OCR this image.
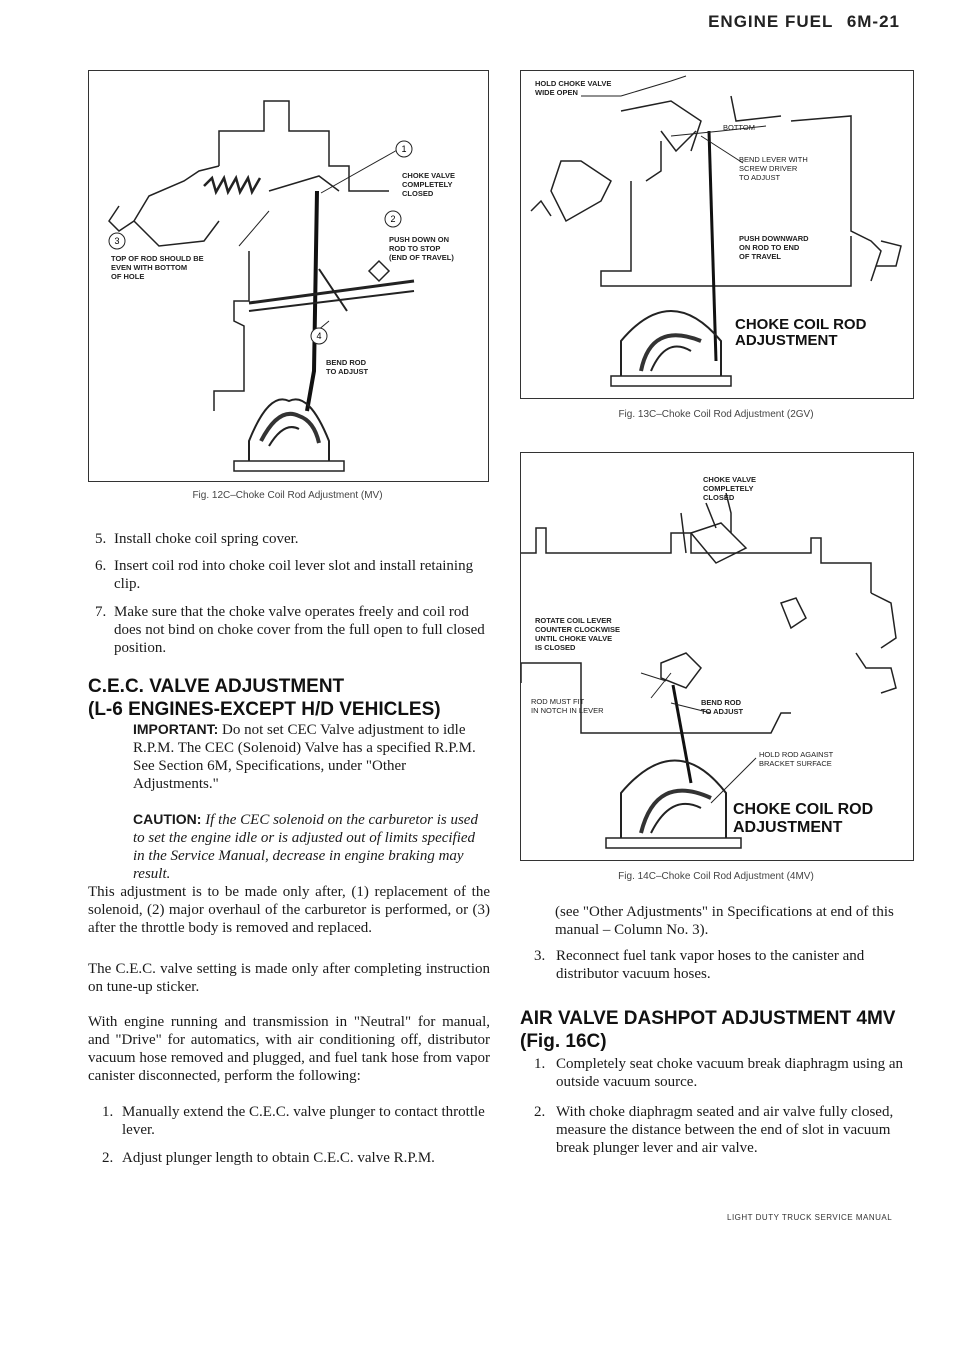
ENGINE FUEL 6M-21
1
2
3
4
CHOKE VALVE
COMPLETELY
CLOSED
TOP OF ROD SHOULD BE
EVEN WITH BOTTOM
OF HOLE
PUSH DOWN ON
ROD TO STOP
(END OF TRAVEL)
BEND ROD
TO ADJUST
Fig. 12C–Choke Coil Rod Adjustment (MV)
HOLD CHOKE VALVE
WIDE OPEN
BOTTOM
BEND LEVER WITH
SCREW DRIVER
TO ADJUST
PUSH DOWNWARD
ON ROD TO END
OF TRAVEL
CHOKE COIL ROD
ADJUSTMENT
Fig. 13C–Choke Coil Rod Adjustment (2GV)
CHOKE VALVE
COMPLETELY
CLOSED
ROTATE COIL LEVER
COUNTER CLOCKWISE
UNTIL CHOKE VALVE
IS CLOSED
ROD MUST FIT
IN NOTCH IN LEVER
BEND ROD
TO ADJUST
HOLD ROD AGAINST
BRACKET SURFACE
CHOKE COIL ROD
ADJUSTMENT
Fig. 14C–Choke Coil Rod Adjustment (4MV)
5. Install choke coil spring cover.
6. Insert coil rod into choke coil lever slot and install retaining clip.
7. Make sure that the choke valve operates freely and coil rod does not bind on choke cover from the full open to full closed position.
C.E.C. VALVE ADJUSTMENT
(L-6 ENGINES-EXCEPT H/D VEHICLES)
IMPORTANT: Do not set CEC Valve adjustment to idle R.P.M. The CEC (Solenoid) Valve has a specified R.P.M. See Section 6M, Specifications, under "Other Adjustments."
CAUTION: If the CEC solenoid on the carburetor is used to set the engine idle or is adjusted out of limits specified in the Service Manual, decrease in engine braking may result.
This adjustment is to be made only after, (1) replacement of the solenoid, (2) major overhaul of the carburetor is performed, or (3) after the throttle body is removed and replaced.
The C.E.C. valve setting is made only after completing instruction on tune-up sticker.
With engine running and transmission in "Neutral" for manual, and "Drive" for automatics, with air conditioning off, distributor vacuum hose removed and plugged, and fuel tank hose from vapor canister disconnected, perform the following:
1. Manually extend the C.E.C. valve plunger to contact throttle lever.
2. Adjust plunger length to obtain C.E.C. valve R.P.M.
(see "Other Adjustments" in Specifications at end of this manual – Column No. 3).
3. Reconnect fuel tank vapor hoses to the canister and distributor vacuum hoses.
AIR VALVE DASHPOT ADJUSTMENT 4MV
(Fig. 16C)
1. Completely seat choke vacuum break diaphragm using an outside vacuum source.
2. With choke diaphragm seated and air valve fully closed, measure the distance between the end of slot in vacuum break plunger lever and air valve.
LIGHT DUTY TRUCK SERVICE MANUAL
